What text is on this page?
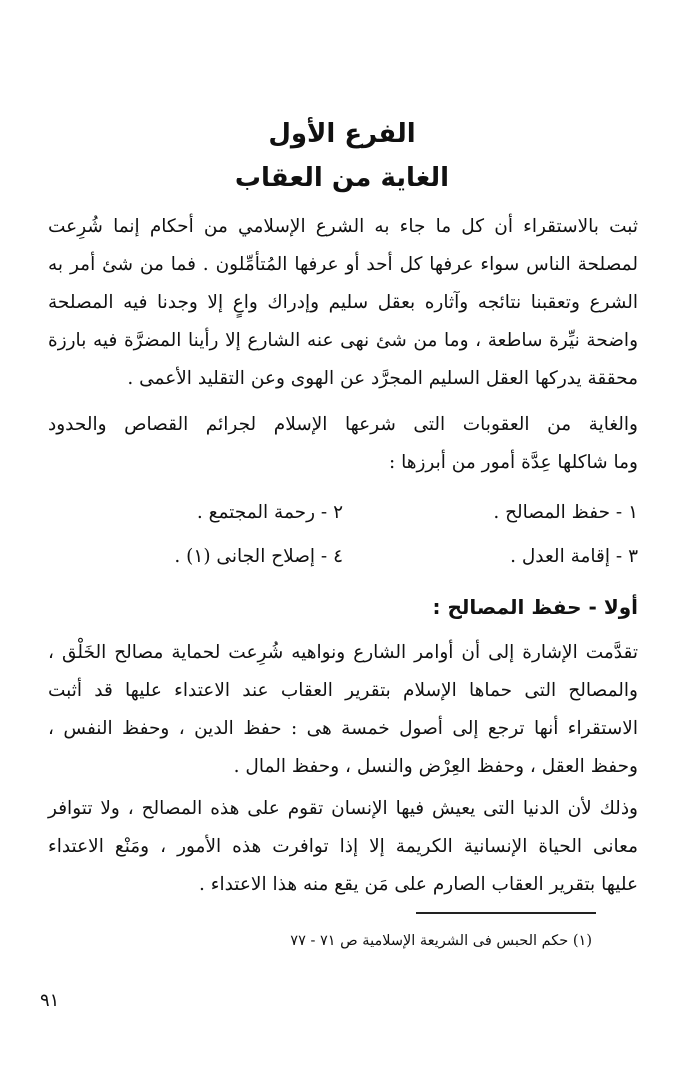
الفرع الأول
الغاية من العقاب
ثبت بالاستقراء أن كل ما جاء به الشرع الإسلامي من أحكام إنما شُرِعت
لمصلحة الناس سواء عرفها كل أحد أو عرفها المُتأمِّلون . فما من شئ أمر به
الشرع وتعقبنا نتائجه وآثاره بعقل سليم وإدراك واعٍ إلا وجدنا فيه المصلحة
واضحة نيِّرة ساطعة ، وما من شئ نهى عنه الشارع إلا رأينا المضرَّة فيه بارزة
محققة يدركها العقل السليم المجرَّد عن الهوى وعن التقليد الأعمى .
والغاية من العقوبات التى شرعها الإسلام لجرائم القصاص والحدود
وما شاكلها عِدَّة أمور من أبرزها :
١ - حفظ المصالح .
٢ - رحمة المجتمع .
٣ - إقامة العدل .
٤ - إصلاح الجانى (١) .
أولا - حفظ المصالح :
تقدَّمت الإشارة إلى أن أوامر الشارع ونواهيه شُرِعت لحماية مصالح الخَلْق ،
والمصالح التى حماها الإسلام بتقرير العقاب عند الاعتداء عليها قد أثبت
الاستقراء أنها ترجع إلى أصول خمسة هى : حفظ الدين ، وحفظ النفس ،
وحفظ العقل ، وحفظ العِرْض والنسل ، وحفظ المال .
وذلك لأن الدنيا التى يعيش فيها الإنسان تقوم على هذه المصالح ، ولا تتوافر
معانى الحياة الإنسانية الكريمة إلا إذا توافرت هذه الأمور ، ومَنْع الاعتداء
عليها بتقرير العقاب الصارم على مَن يقع منه هذا الاعتداء .
(١) حكم الحبس فى الشريعة الإسلامية ص ٧١ - ٧٧
٩١
